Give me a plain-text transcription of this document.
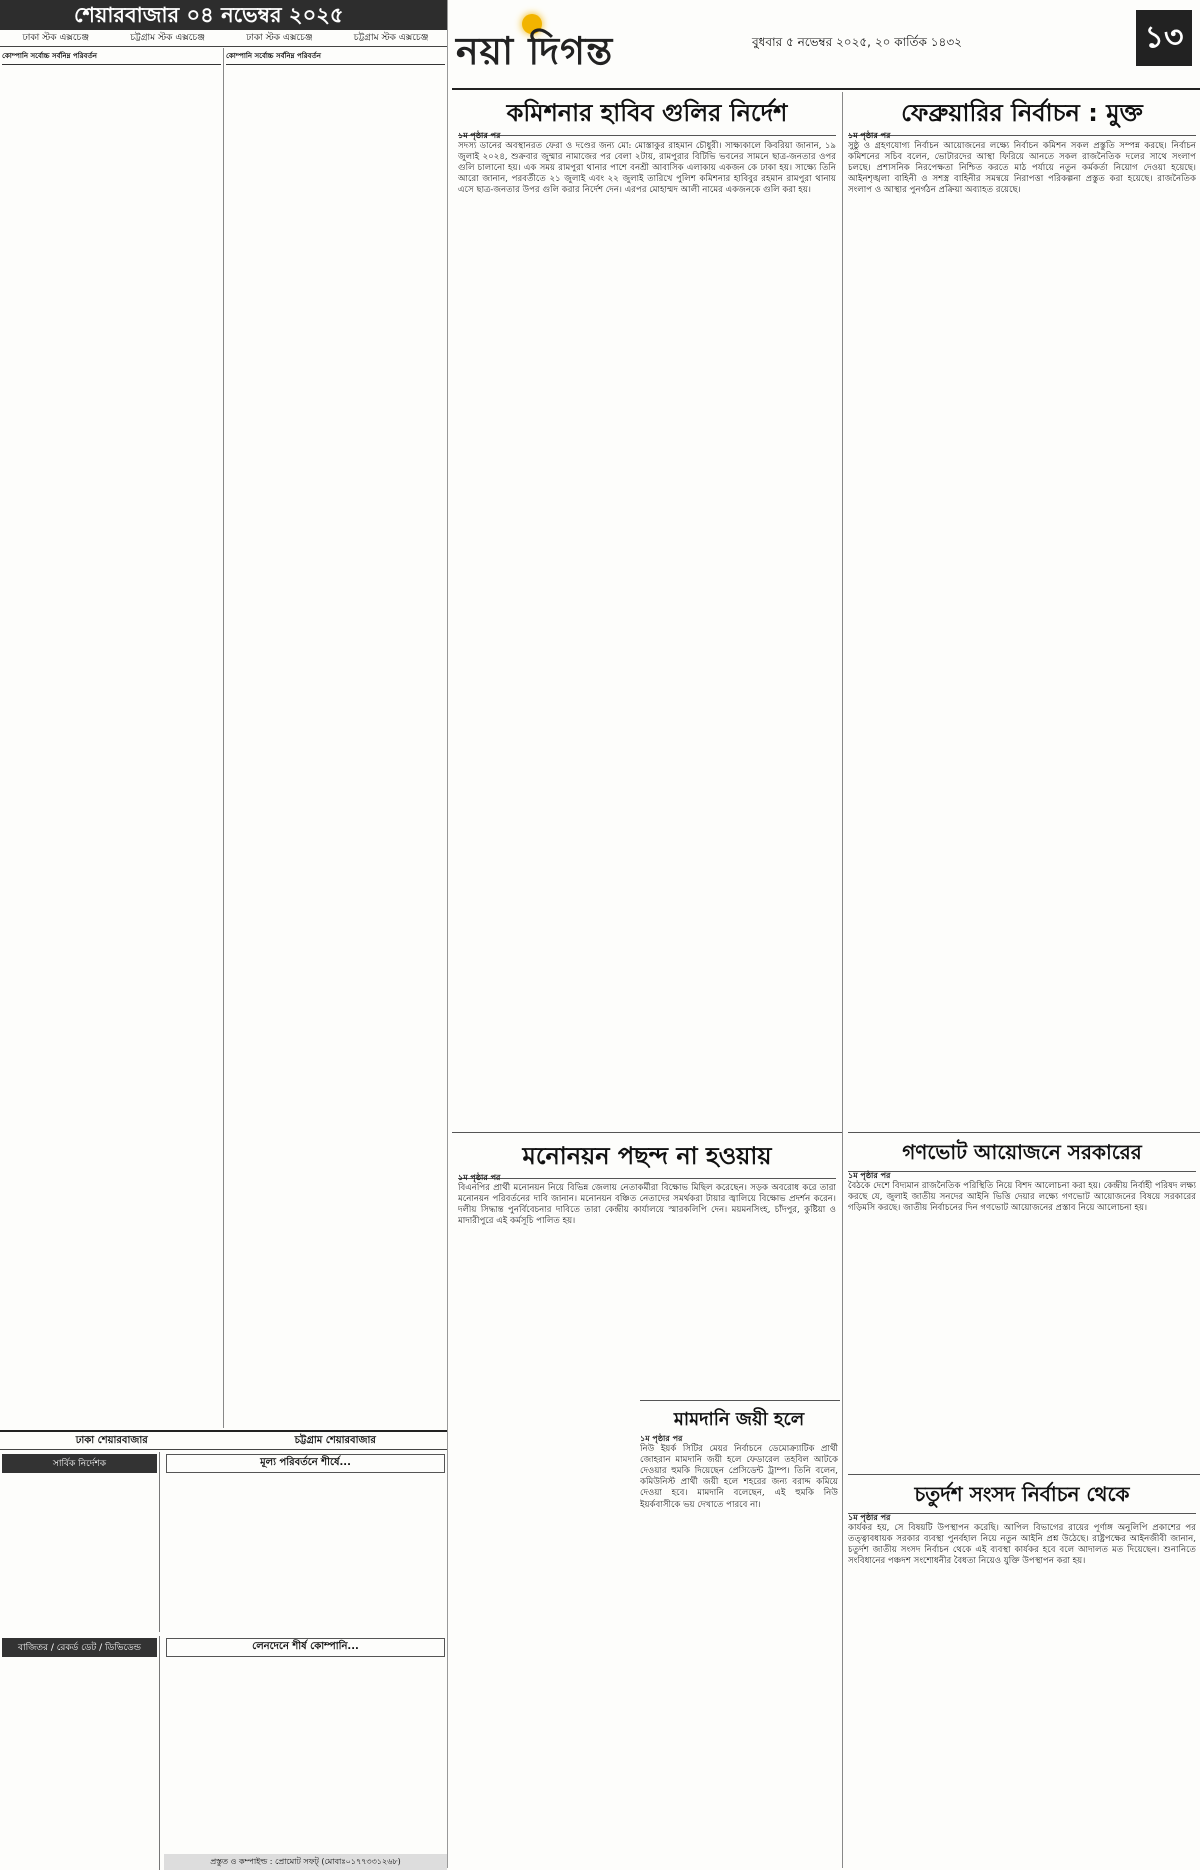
শেয়ারবাজার ০৪ নভেম্বর ২০২৫
ঢাকা স্টক এক্সচেঞ্জ	চট্টগ্রাম স্টক এক্সচেঞ্জ	ঢাকা স্টক এক্সচেঞ্জ	চট্টগ্রাম স্টক এক্সচেঞ্জ
কোম্পানি সর্বোচ্চ সর্বনিম্ন পরিবর্তন	কোম্পানি সর্বোচ্চ সর্বনিম্ন পরিবর্তন
ঢাকা শেয়ারবাজার	চট্টগ্রাম শেয়ারবাজার
সার্বিক নির্দেশক	মূল্য পরিবর্তনে শীর্ষে...
বাজিতর / রেকর্ড ডেট / ডিভিডেন্ড	লেনদেনে শীর্ষ কোম্পানি...
প্রস্তুত ও কম্পাইল্ড : প্রোমোট সফট্ (মোবাঃ০১৭৭৩৩১২৬৮)
নয়া দিগন্ত	বুধবার ৫ নভেম্বর ২০২৫, ২০ কার্তিক ১৪৩২	১৩
কমিশনার হাবিব গুলির নির্দেশ
১ম পৃষ্ঠার পর
সদস্য ডানের অবস্থানরত ফেরা ও দণ্ডের জন্য মো: মোস্তাকুর রাহমান চৌধুরী। সাক্ষ্যকালে কিবরিয়া জানান, ১৯ জুলাই ২০২৪, শুক্রবার জুম্মার নামাজের পর বেলা ২টায়, রামপুরার বিটিভি ভবনের সামনে ছাত্র-জনতার ওপর গুলি চালানো হয়। এক সময় রামপুরা থানার পাশে বনশ্রী আবাসিক এলাকায় একজন কে ঢাকা হয়। সাক্ষ্যে তিনি আরো জানান, পরবর্তীতে ২১ জুলাই এবং ২২ জুলাই তারিখে পুলিশ কমিশনার হাবিবুর রহমান রামপুরা থানায় এসে ছাত্র-জনতার উপর গুলি করার নির্দেশ দেন। এরপর মোহাম্মদ আলী নামের একজনকে গুলি করা হয়।
ফেব্রুয়ারির নির্বাচন : মুক্ত
১ম পৃষ্ঠার পর
সুষ্ঠু ও গ্রহণযোগ্য নির্বাচন আয়োজনের লক্ষ্যে নির্বাচন কমিশন সকল প্রস্তুতি সম্পন্ন করছে। নির্বাচন কমিশনের সচিব বলেন, ভোটারদের আস্থা ফিরিয়ে আনতে সকল রাজনৈতিক দলের সাথে সংলাপ চলছে। প্রশাসনিক নিরপেক্ষতা নিশ্চিত করতে মাঠ পর্যায়ে নতুন কর্মকর্তা নিয়োগ দেওয়া হয়েছে। আইনশৃঙ্খলা বাহিনী ও সশস্ত্র বাহিনীর সমন্বয়ে নিরাপত্তা পরিকল্পনা প্রস্তুত করা হয়েছে। রাজনৈতিক সংলাপ ও আস্থার পুনর্গঠন প্রক্রিয়া অব্যাহত রয়েছে।
মনোনয়ন পছন্দ না হওয়ায়
১ম পৃষ্ঠার পর
বিএনপির প্রার্থী মনোনয়ন নিয়ে বিভিন্ন জেলায় নেতাকর্মীরা বিক্ষোভ মিছিল করেছেন। সড়ক অবরোধ করে তারা মনোনয়ন পরিবর্তনের দাবি জানান। মনোনয়ন বঞ্চিত নেতাদের সমর্থকরা টায়ার জ্বালিয়ে বিক্ষোভ প্রদর্শন করেন। দলীয় সিদ্ধান্ত পুনর্বিবেচনার দাবিতে তারা কেন্দ্রীয় কার্যালয়ে স্মারকলিপি দেন। ময়মনসিংহ, চাঁদপুর, কুষ্টিয়া ও মাদারীপুরে এই কর্মসূচি পালিত হয়।
গণভোট আয়োজনে সরকারের
১ম পৃষ্ঠার পর
বৈঠকে দেশে বিদ্যমান রাজনৈতিক পরিস্থিতি নিয়ে বিশদ আলোচনা করা হয়। কেন্দ্রীয় নির্বাহী পরিষদ লক্ষ্য করছে যে, জুলাই জাতীয় সনদের আইনি ভিত্তি দেয়ার লক্ষ্যে গণভোট আয়োজনের বিষয়ে সরকারের গড়িমসি করছে। জাতীয় নির্বাচনের দিন গণভোট আয়োজনের প্রস্তাব নিয়ে আলোচনা হয়।
চতুর্দশ সংসদ নির্বাচন থেকে
১ম পৃষ্ঠার পর
কার্যকর হয়, সে বিষয়টি উপস্থাপন করেছি। আপিল বিভাগের রায়ের পূর্ণাঙ্গ অনুলিপি প্রকাশের পর তত্ত্বাবধায়ক সরকার ব্যবস্থা পুনর্বহাল নিয়ে নতুন আইনি প্রশ্ন উঠেছে। রাষ্ট্রপক্ষের আইনজীবী জানান, চতুর্দশ জাতীয় সংসদ নির্বাচন থেকে এই ব্যবস্থা কার্যকর হবে বলে আদালত মত দিয়েছেন। শুনানিতে সংবিধানের পঞ্চদশ সংশোধনীর বৈধতা নিয়েও যুক্তি উপস্থাপন করা হয়।
মামদানি জয়ী হলে
১ম পৃষ্ঠার পর
নিউ ইয়র্ক সিটির মেয়র নির্বাচনে ডেমোক্র্যাটিক প্রার্থী জোহরান মামদানি জয়ী হলে ফেডারেল তহবিল আটকে দেওয়ার হুমকি দিয়েছেন প্রেসিডেন্ট ট্রাম্প। তিনি বলেন, কমিউনিস্ট প্রার্থী জয়ী হলে শহরের জন্য বরাদ্দ কমিয়ে দেওয়া হবে। মামদানি বলেছেন, এই হুমকি নিউ ইয়র্কবাসীকে ভয় দেখাতে পারবে না।
